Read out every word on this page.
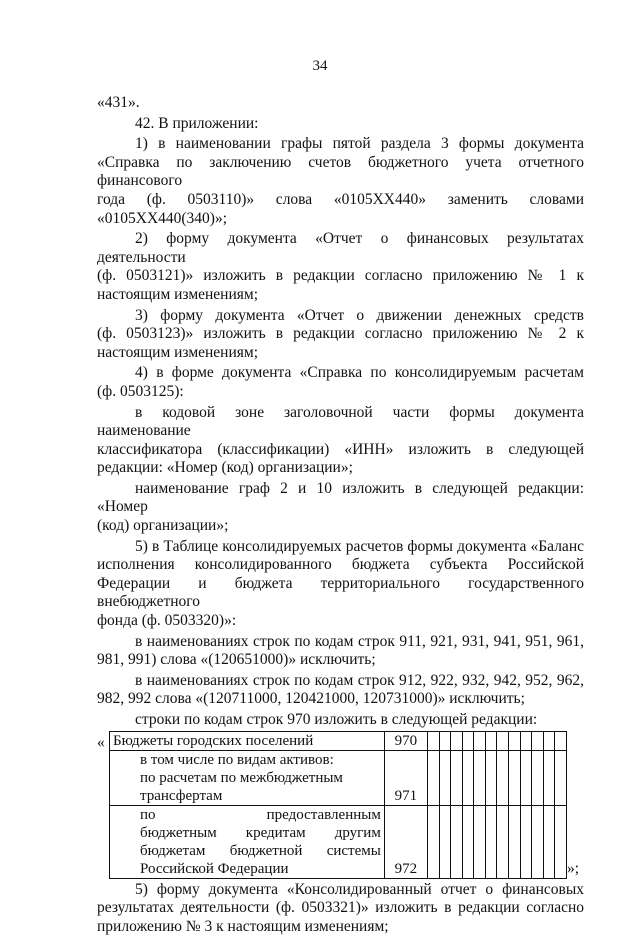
34

«431».

42. В приложении:

1) в наименовании графы пятой раздела 3 формы документа

«Справка по заключению счетов бюджетного учета отчетного финансового

года (ф. 0503110)» слова «0105ХХ440» заменить словами

«0105ХХ440(340)»;

2) форму документа «Отчет о финансовых результатах деятельности

(ф. 0503121)» изложить в редакции согласно приложению № 1 к

настоящим изменениям;

3) форму документа «Отчет о движении денежных средств

(ф. 0503123)» изложить в редакции согласно приложению № 2 к

настоящим изменениям;

4) в форме документа «Справка по консолидируемым расчетам

(ф. 0503125):

в кодовой зоне заголовочной части формы документа наименование

классификатора (классификации) «ИНН» изложить в следующей

редакции: «Номер (код) организации»;

наименование граф 2 и 10 изложить в следующей редакции: «Номер

(код) организации»;

5) в Таблице консолидируемых расчетов формы документа «Баланс

исполнения консолидированного бюджета субъекта Российской

Федерации и бюджета территориального государственного внебюджетного

фонда (ф. 0503320)»:

в наименованиях строк по кодам строк 911, 921, 931, 941, 951, 961,

981, 991) слова «(120651000)» исключить;

в наименованиях строк по кодам строк 912, 922, 932, 942, 952, 962,

982, 992 слова «(120711000, 120421000, 120731000)» исключить;

строки по кодам строк 970 изложить в следующей редакции:

« Бюджеты городских поселений	970												

в том числе по видам активов:
по расчетам по межбюджетным
трансфертам	971												

по предоставленным
бюджетным кредитам другим
бюджетам бюджетной системы
Российской Федерации	972													»;

5) форму документа «Консолидированный отчет о финансовых

результатах деятельности (ф. 0503321)» изложить в редакции согласно

приложению № 3 к настоящим изменениям;
